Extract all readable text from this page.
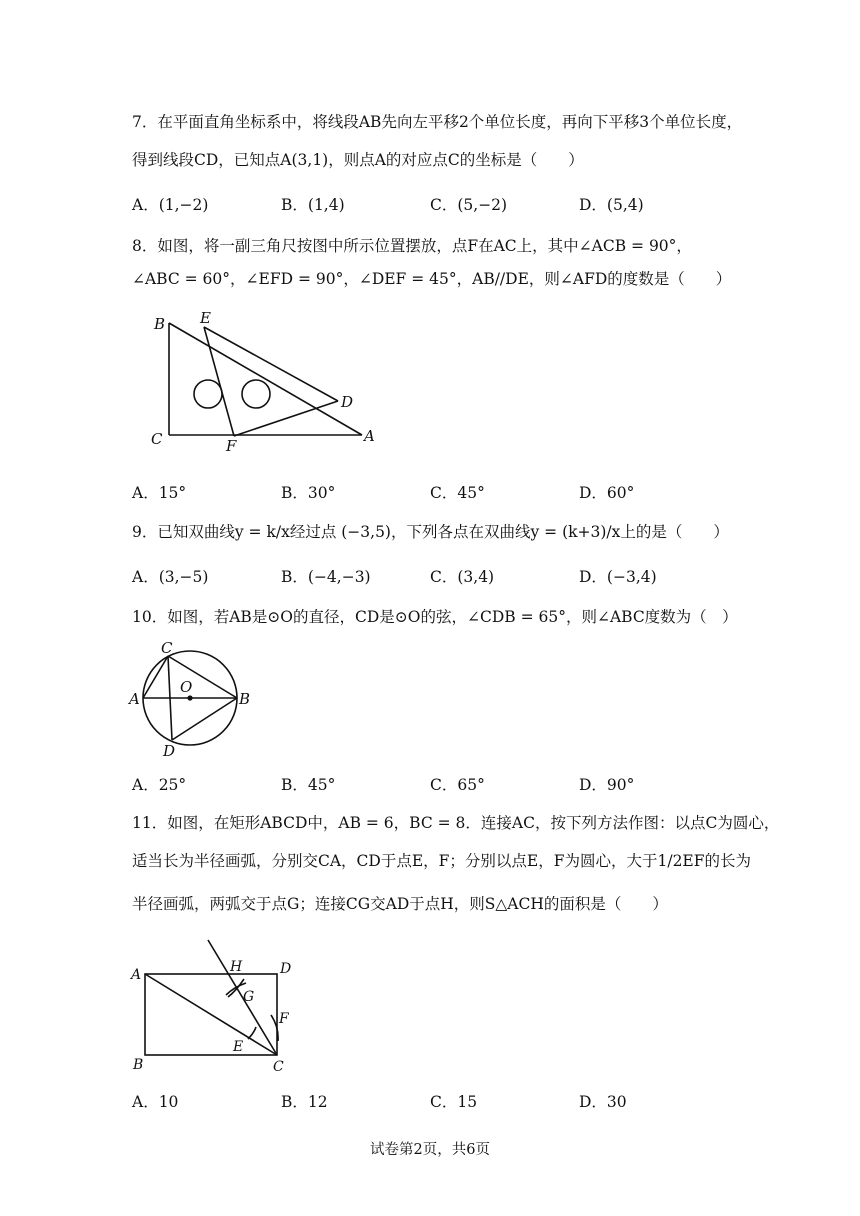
7．在平面直角坐标系中，将线段AB先向左平移2个单位长度，再向下平移3个单位长度，
得到线段CD，已知点A(3,1)，则点A的对应点C的坐标是（　　）
A．(1,−2)	B．(1,4)	C．(5,−2)	D．(5,4)
8．如图，将一副三角尺按图中所示位置摆放，点F在AC上，其中∠ACB = 90°，
∠ABC = 60°，∠EFD = 90°，∠DEF = 45°，AB//DE，则∠AFD的度数是（　　）
B E
D
C	F
A
A．15°	B．30°	C．45°	D．60°
9．已知双曲线y = k/x经过点 (−3,5)，下列各点在双曲线y = (k+3)/x上的是（　　）
A．(3,−5)	B．(−4,−3)	C．(3,4)	D．(−3,4)
10．如图，若AB是⊙O的直径，CD是⊙O的弦，∠CDB = 65°，则∠ABC度数为（　）
C
O
A	B
D
A．25°	B．45°	C．65°	D．90°
11．如图，在矩形ABCD中，AB = 6，BC = 8．连接AC，按下列方法作图：以点C为圆心，
适当长为半径画弧，分别交CA，CD于点E，F；分别以点E，F为圆心，大于1/2EF的长为
半径画弧，两弧交于点G；连接CG交AD于点H，则S△ACH的面积是（　　）
H	D
A
G
F
E
B	C
A．10	B．12	C．15	D．30
试卷第2页，共6页
